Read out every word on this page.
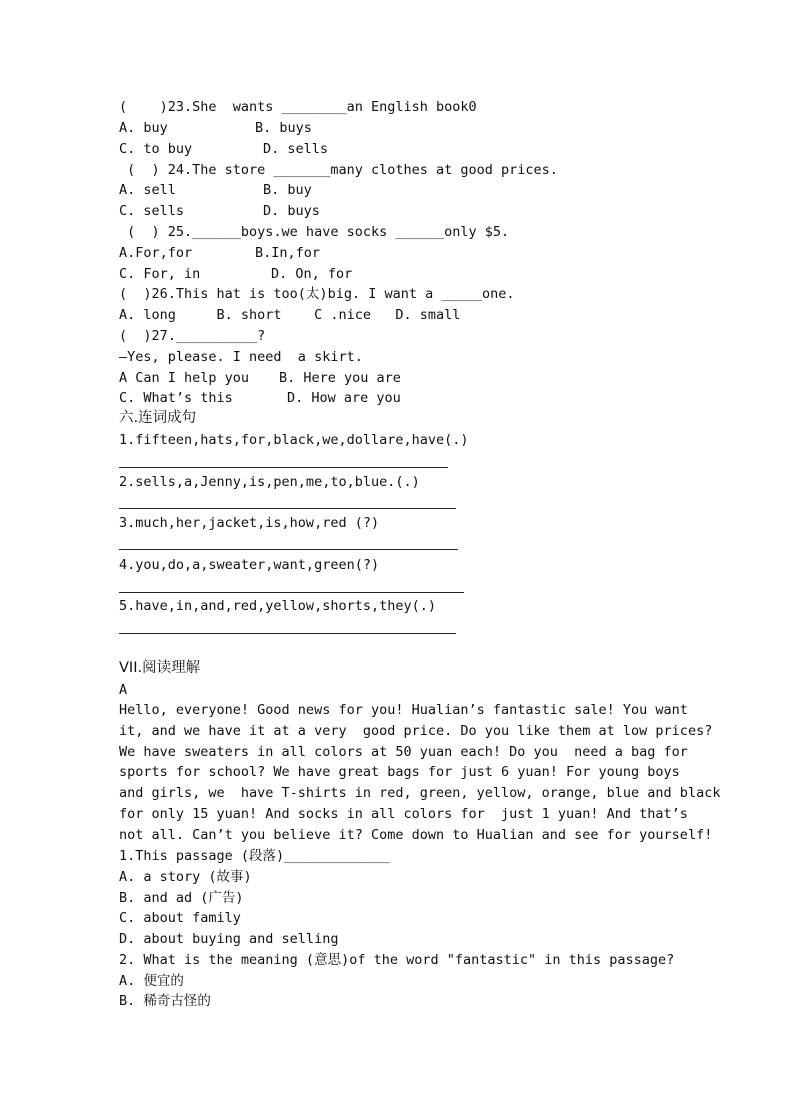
(    )23.She  wants ________an English book0
A. buy	B. buys
C. to buy	D. sells
(  ) 24.The store _______many clothes at good prices.
A. sell	B. buy
C. sells	D. buys
(  ) 25.______boys.we have socks ______only $5.
A.For,for	B.In,for
C. For, in	D. On, for
(  )26.This hat is too(太)big. I want a _____one.
A. long     B. short    C .nice   D. small
(  )27.__________?
—Yes, please. I need  a skirt.
A Can I help you B. Here you are
C. What’s this	D. How are you
六.连词成句
1.fifteen,hats,for,black,we,dollare,have(.)
2.sells,a,Jenny,is,pen,me,to,blue.(.)
3.much,her,jacket,is,how,red (?)
4.you,do,a,sweater,want,green(?)
5.have,in,and,red,yellow,shorts,they(.)
VII.阅读理解
A
Hello, everyone! Good news for you! Hualian’s fantastic sale! You want
it, and we have it at a very  good price. Do you like them at low prices?
We have sweaters in all colors at 50 yuan each! Do you  need a bag for
sports for school? We have great bags for just 6 yuan! For young boys
and girls, we  have T-shirts in red, green, yellow, orange, blue and black
for only 15 yuan! And socks in all colors for  just 1 yuan! And that’s
not all. Can’t you believe it? Come down to Hualian and see for yourself!
1.This passage (段落)_____________
A. a story (故事)
B. and ad (广告)
C. about family
D. about buying and selling
2. What is the meaning (意思)of the word "fantastic" in this passage?
A. 便宜的
B. 稀奇古怪的
